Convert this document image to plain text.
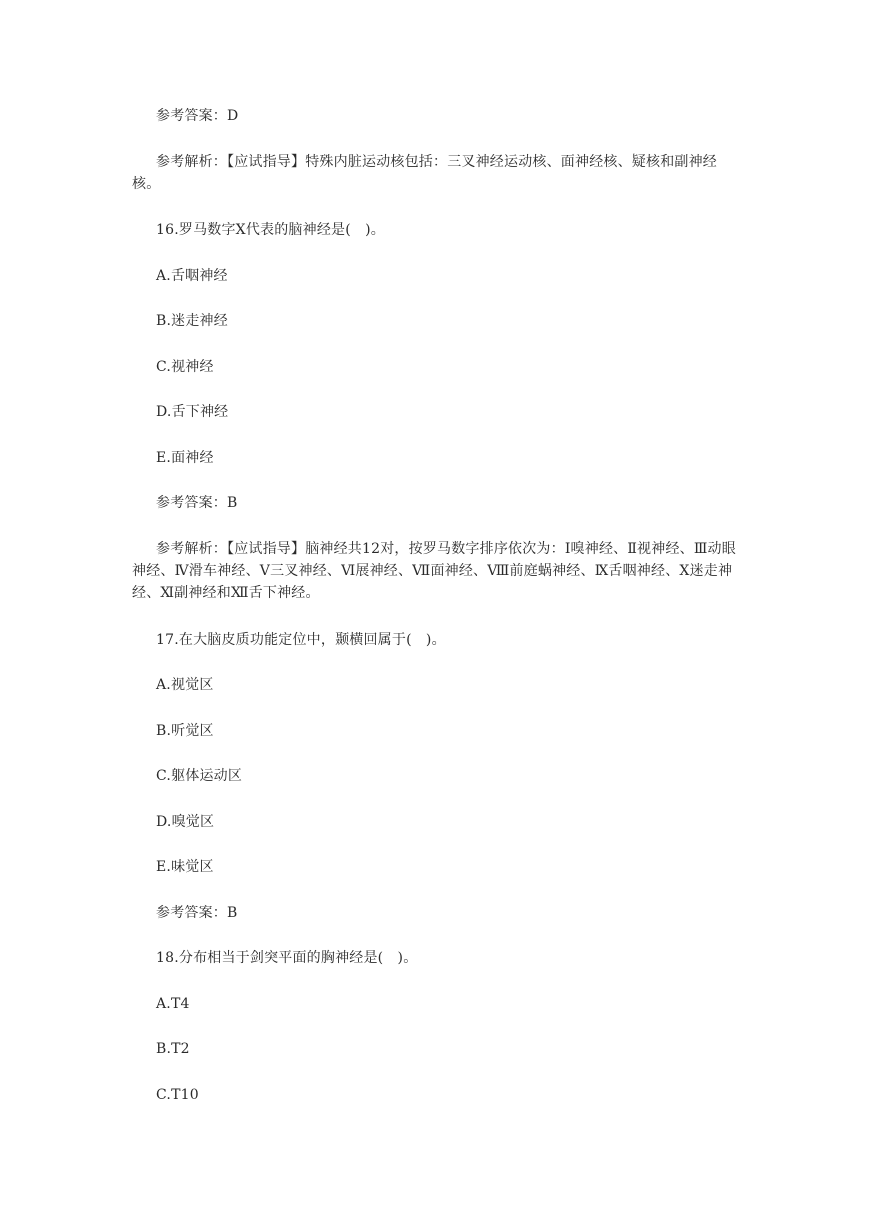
参考答案：D
参考解析：【应试指导】特殊内脏运动核包括：三叉神经运动核、面神经核、疑核和副神经核。
16.罗马数字Ⅹ代表的脑神经是(　)。
A.舌咽神经
B.迷走神经
C.视神经
D.舌下神经
E.面神经
参考答案：B
参考解析：【应试指导】脑神经共12对，按罗马数字排序依次为：Ⅰ嗅神经、Ⅱ视神经、Ⅲ动眼神经、Ⅳ滑车神经、Ⅴ三叉神经、Ⅵ展神经、Ⅶ面神经、Ⅷ前庭蜗神经、Ⅸ舌咽神经、Ⅹ迷走神经、Ⅺ副神经和Ⅻ舌下神经。
17.在大脑皮质功能定位中，颞横回属于(　)。
A.视觉区
B.听觉区
C.躯体运动区
D.嗅觉区
E.味觉区
参考答案：B
18.分布相当于剑突平面的胸神经是(　)。
A.T4
B.T2
C.T10
